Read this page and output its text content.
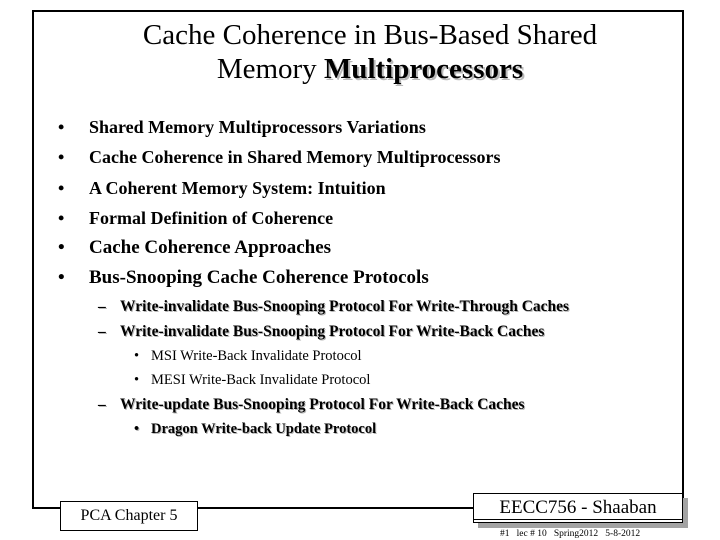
Cache Coherence in Bus-Based Shared
Memory Multiprocessors
• Shared Memory Multiprocessors Variations
• Cache Coherence in Shared Memory Multiprocessors
• A Coherent Memory System: Intuition
• Formal Definition of Coherence
• Cache Coherence Approaches
• Bus-Snooping Cache Coherence Protocols
– Write-invalidate Bus-Snooping Protocol For Write-Through Caches
– Write-invalidate Bus-Snooping Protocol For Write-Back Caches
• MSI Write-Back Invalidate Protocol
• MESI Write-Back Invalidate Protocol
– Write-update Bus-Snooping Protocol For Write-Back Caches
• Dragon Write-back Update Protocol
PCA Chapter 5	EECC756 - Shaaban
#1   lec # 10   Spring2012   5-8-2012
